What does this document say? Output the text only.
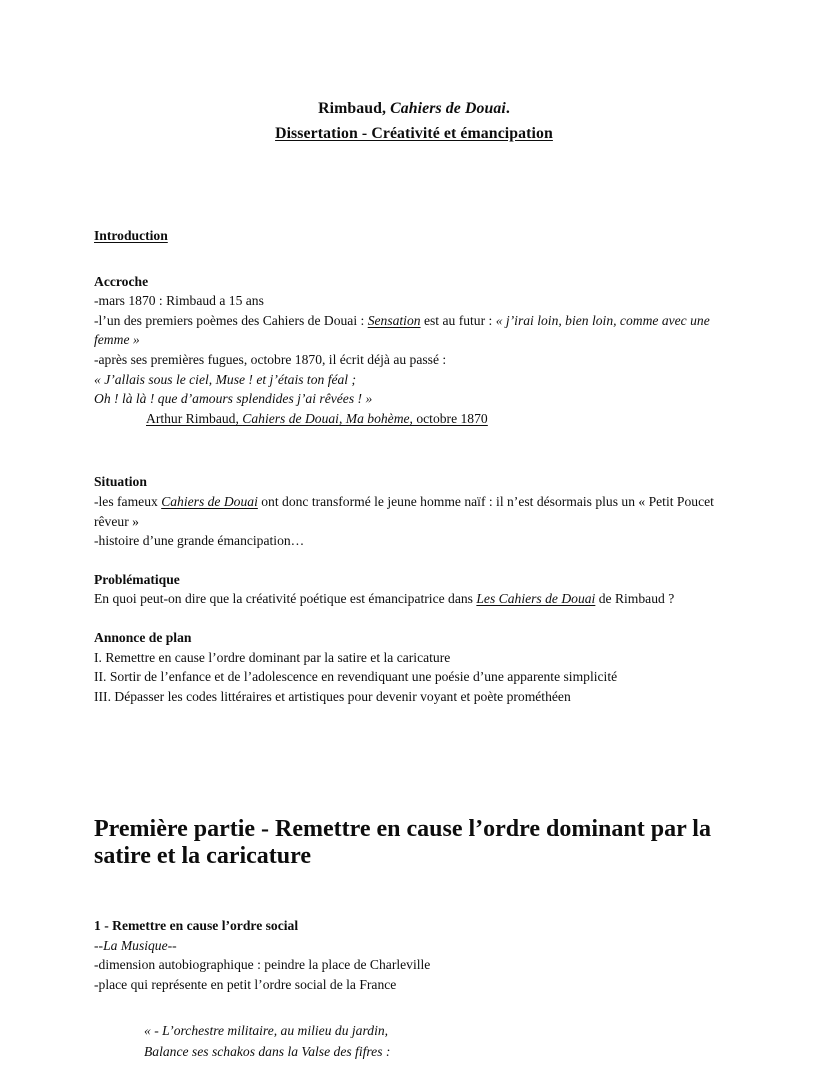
Rimbaud, Cahiers de Douai.
Dissertation - Créativité et émancipation
Introduction
Accroche

-mars 1870 : Rimbaud a 15 ans

-l’un des premiers poèmes des Cahiers de Douai : Sensation est au futur : « j’irai loin, bien loin, comme avec une femme »

-après ses premières fugues, octobre 1870, il écrit déjà au passé :

« J’allais sous le ciel, Muse ! et j’étais ton féal ;

Oh ! là là ! que d’amours splendides j’ai rêvées ! »

Arthur Rimbaud, Cahiers de Douai, Ma bohème, octobre 1870

Situation

-les fameux Cahiers de Douai ont donc transformé le jeune homme naïf : il n’est désormais plus un « Petit Poucet rêveur »

-histoire d’une grande émancipation…

Problématique

En quoi peut-on dire que la créativité poétique est émancipatrice dans Les Cahiers de Douai de Rimbaud ?

Annonce de plan
I. Remettre en cause l’ordre dominant par la satire et la caricature
II. Sortir de l’enfance et de l’adolescence en revendiquant une poésie d’une apparente simplicité
III. Dépasser les codes littéraires et artistiques pour devenir voyant et poète prométhéen
Première partie - Remettre en cause l’ordre dominant par la satire et la caricature
1 - Remettre en cause l’ordre social

--La Musique--

-dimension autobiographique : peindre la place de Charleville

-place qui représente en petit l’ordre social de la France

« - L’orchestre militaire, au milieu du jardin,
Balance ses schakos dans la Valse des fifres :
